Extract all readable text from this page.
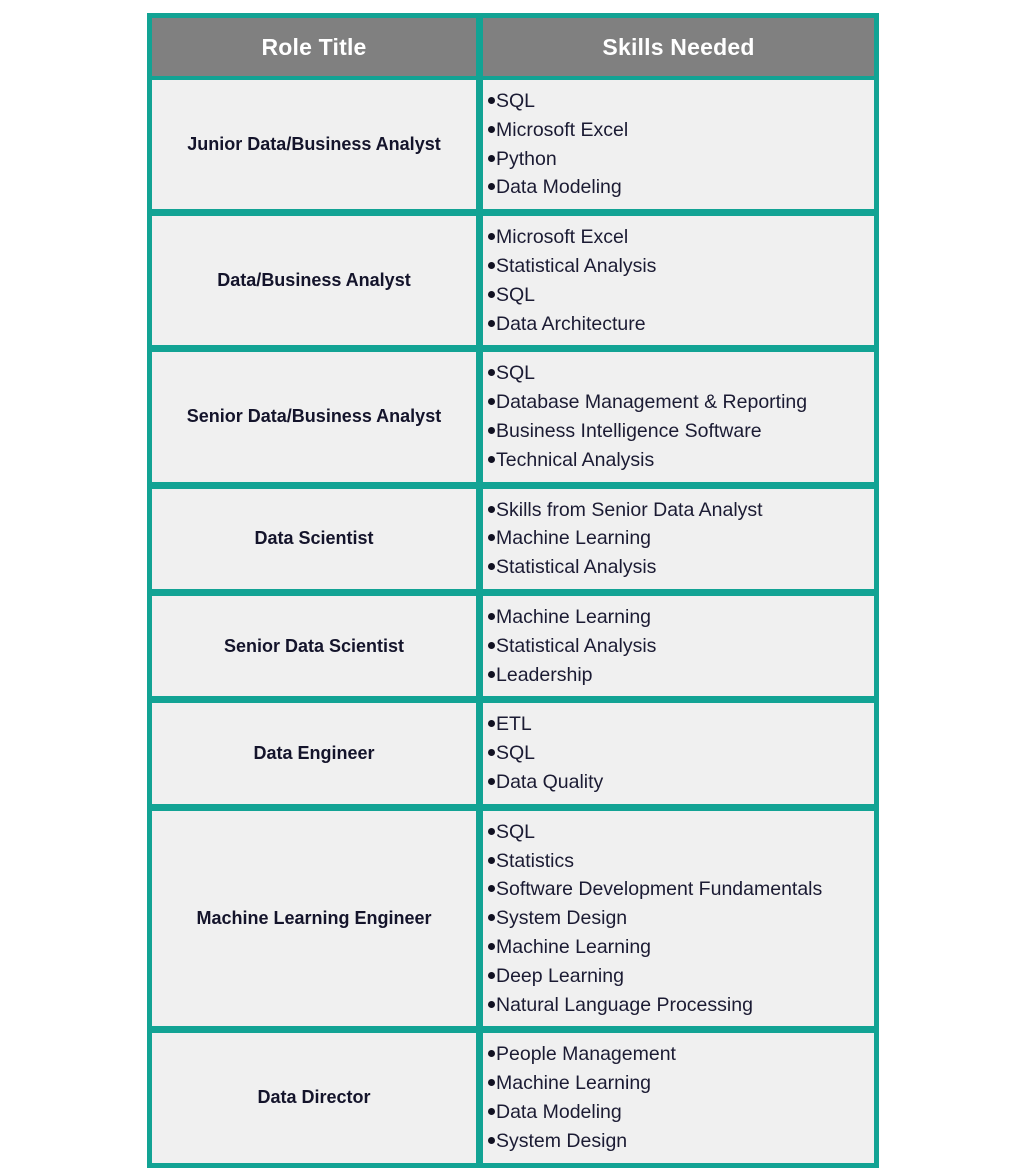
Role Title	Skills Needed
Junior Data/Business Analyst	
SQL
Microsoft Excel
Python
Data Modeling

Data/Business Analyst	
Microsoft Excel
Statistical Analysis
SQL
Data Architecture

Senior Data/Business Analyst	
SQL
Database Management & Reporting
Business Intelligence Software
Technical Analysis

Data Scientist	
Skills from Senior Data Analyst
Machine Learning
Statistical Analysis

Senior Data Scientist	
Machine Learning
Statistical Analysis
Leadership

Data Engineer	
ETL
SQL
Data Quality

Machine Learning Engineer	
SQL
Statistics
Software Development Fundamentals
System Design
Machine Learning
Deep Learning
Natural Language Processing

Data Director	
People Management
Machine Learning
Data Modeling
System Design
